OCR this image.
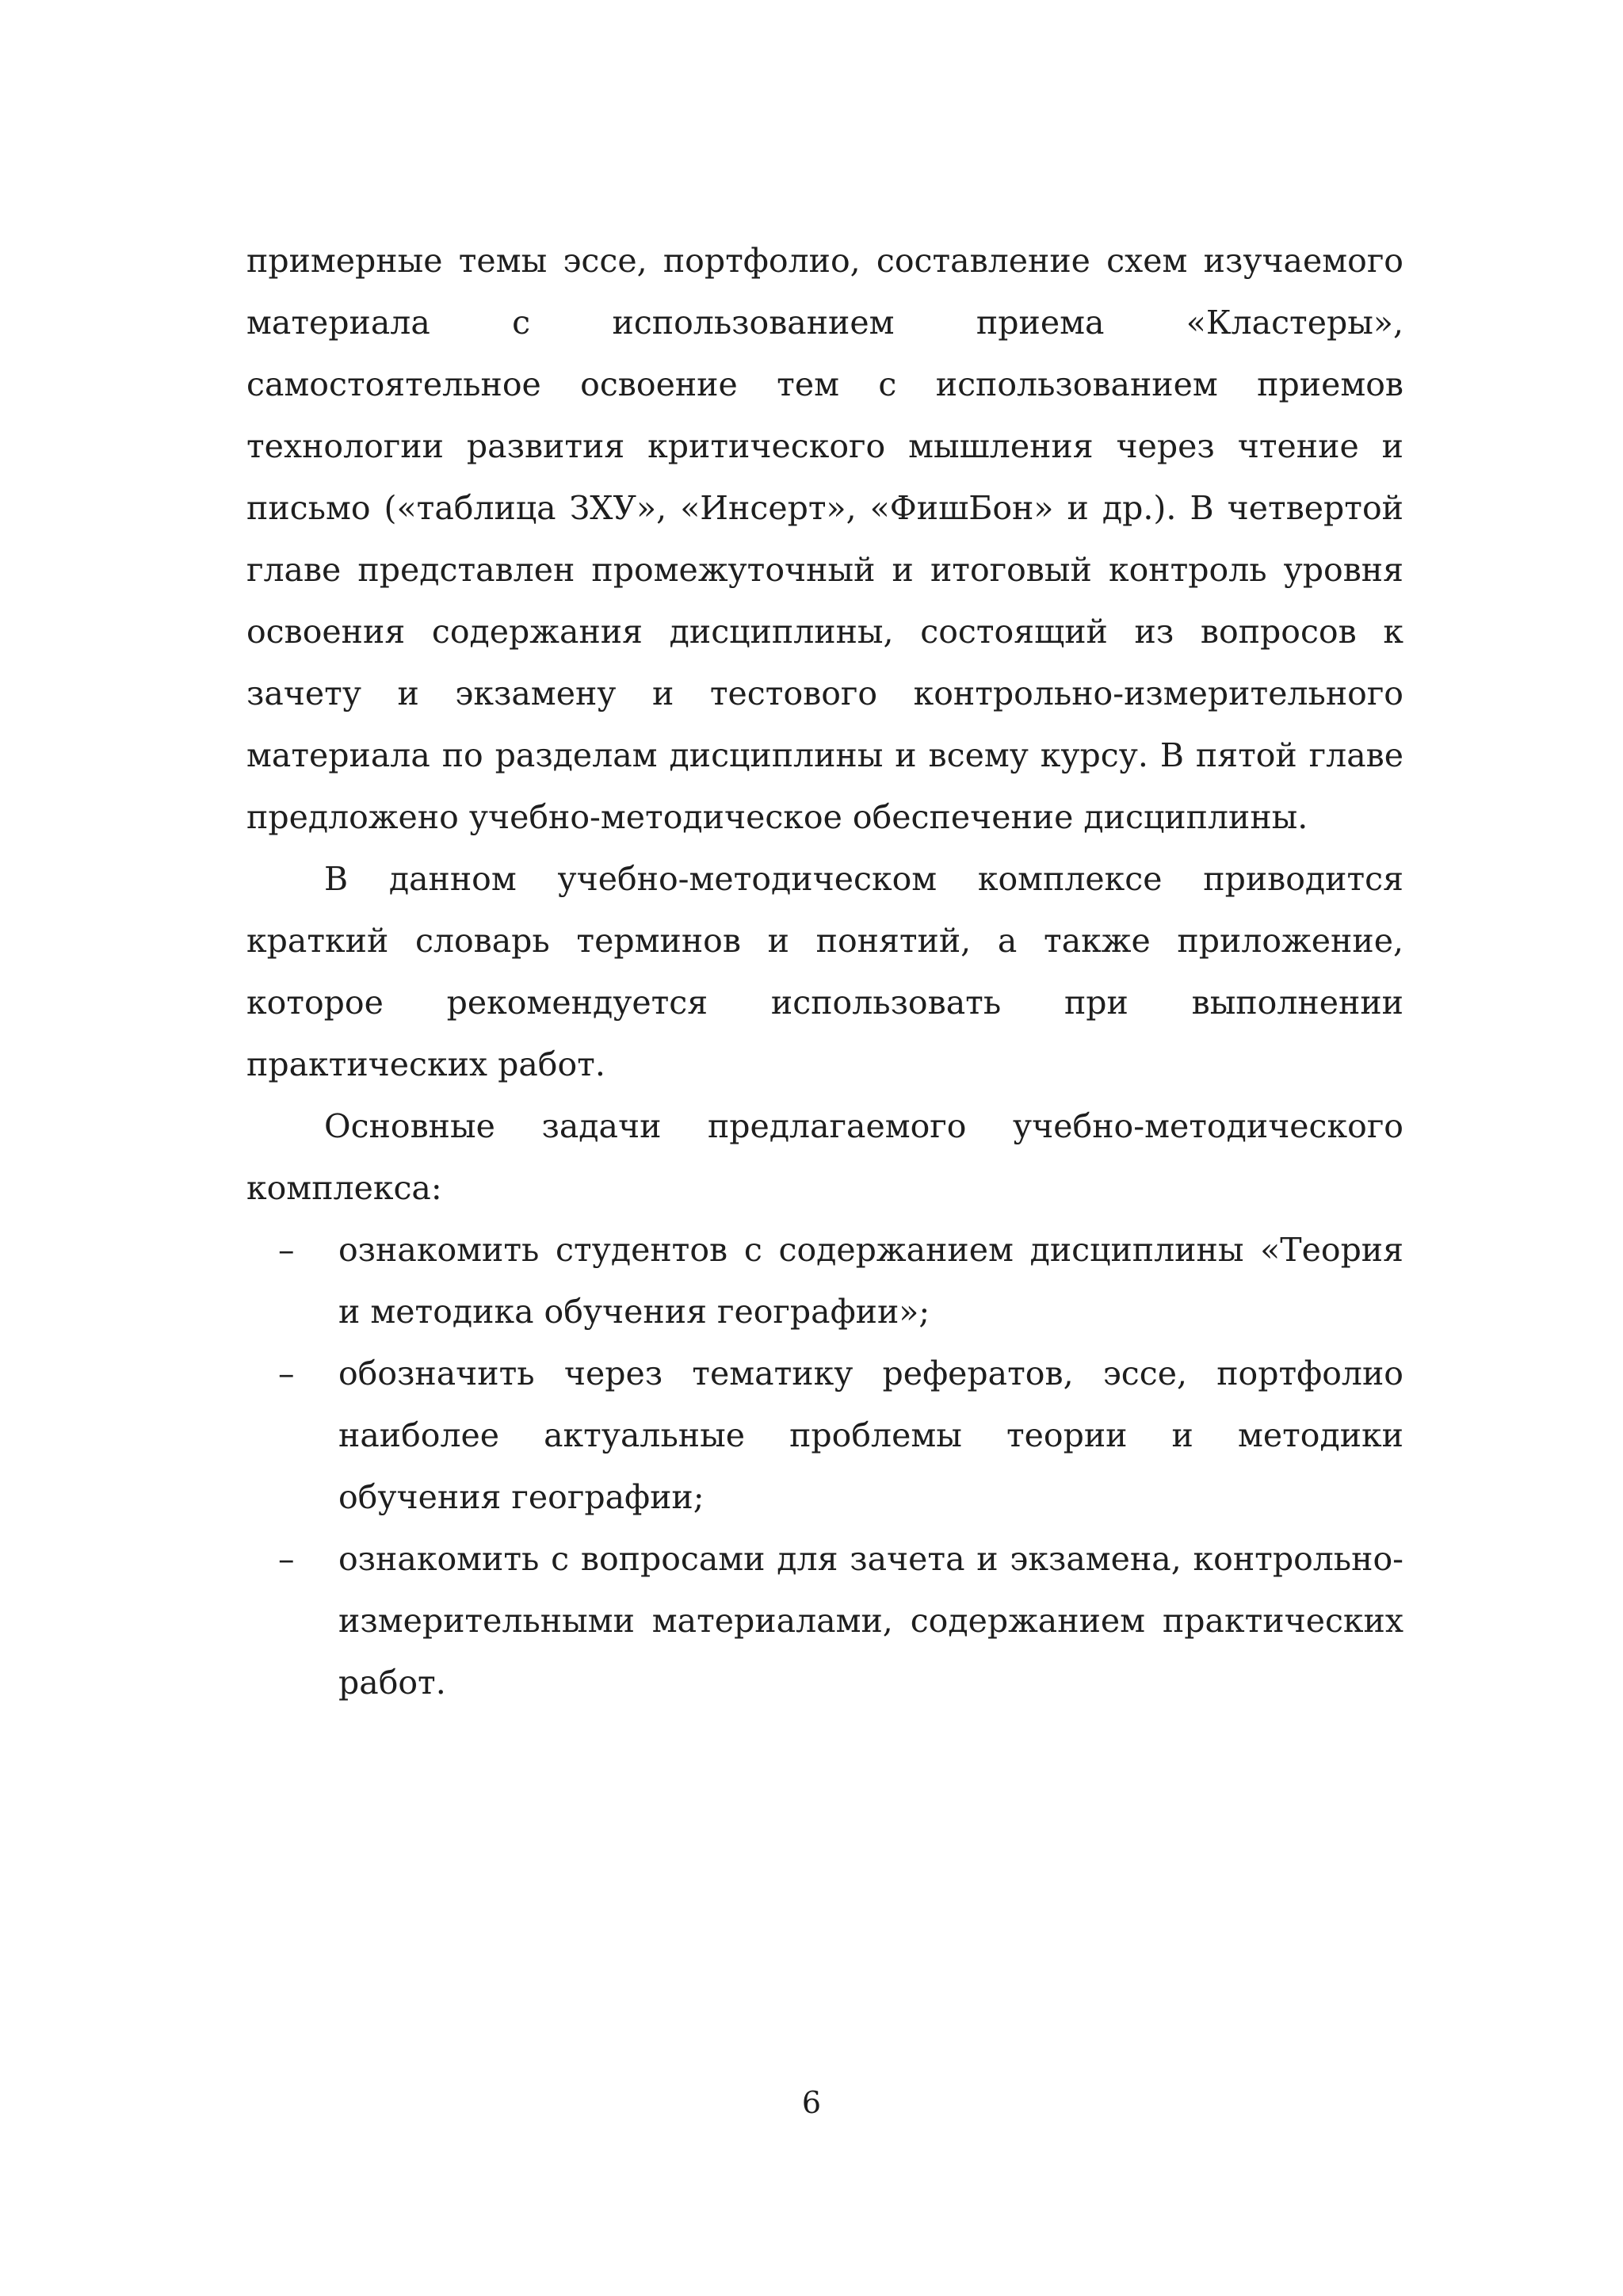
примерные темы эссе, портфолио, составление схем изучаемого материала с использованием приема «Кластеры», самостоятельное освоение тем с использованием приемов технологии развития критического мышления через чтение и письмо («таблица ЗХУ», «Инсерт», «ФишБон» и др.). В четвертой главе представлен промежуточный и итоговый контроль уровня освоения содержания дисциплины, состоящий из вопросов к зачету и экзамену и тестового контрольно-измерительного материала по разделам дисциплины и всему курсу. В пятой главе предложено учебно-методическое обеспечение дисциплины.

В данном учебно-методическом комплексе приводится краткий словарь терминов и понятий, а также приложение, которое рекомендуется использовать при выполнении практических работ.

Основные задачи предлагаемого учебно-методического комплекса:

– ознакомить студентов с содержанием дисциплины «Теория и методика обучения географии»;
– обозначить через тематику рефератов, эссе, портфолио наиболее актуальные проблемы теории и методики обучения географии;
– ознакомить с вопросами для зачета и экзамена, контрольно-измерительными материалами, содержанием практических работ.
6
